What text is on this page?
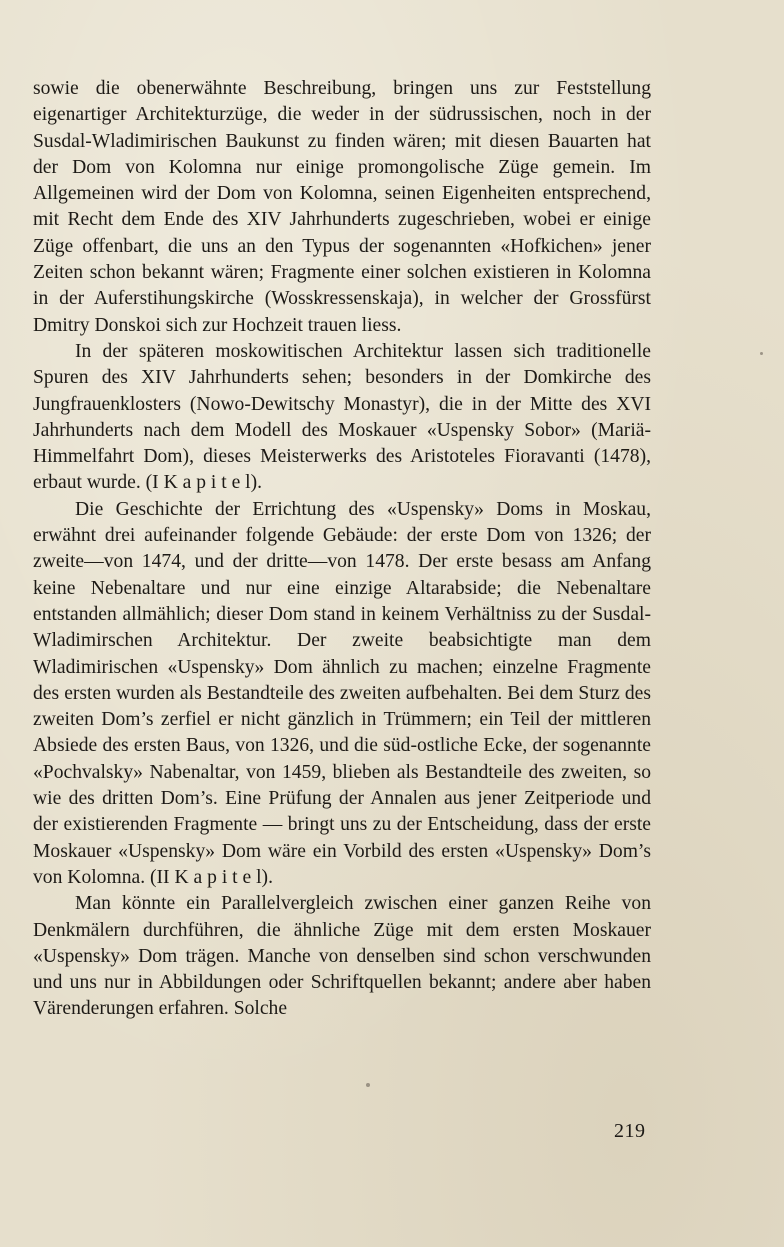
sowie die obenerwähnte Beschreibung, bringen uns zur Feststellung eigenartiger Architekturzüge, die weder in der südrussischen, noch in der Susdal-Wladimirischen Baukunst zu finden wären; mit diesen Bauarten hat der Dom von Kolomna nur einige promongolische Züge gemein. Im Allgemeinen wird der Dom von Kolomna, seinen Eigenheiten entsprechend, mit Recht dem Ende des XIV Jahrhunderts zugeschrieben, wobei er einige Züge offenbart, die uns an den Typus der sogenannten «Hofkichen» jener Zeiten schon bekannt wären; Fragmente einer solchen existieren in Kolomna in der Auferstihungskirche (Wosskressenskaja), in welcher der Grossfürst Dmitry Donskoi sich zur Hochzeit trauen liess.

In der späteren moskowitischen Architektur lassen sich traditionelle Spuren des XIV Jahrhunderts sehen; besonders in der Domkirche des Jungfrauenklosters (Nowo-Dewitschy Monastyr), die in der Mitte des XVI Jahrhunderts nach dem Modell des Moskauer «Uspensky Sobor» (Mariä-Himmelfahrt Dom), dieses Meisterwerks des Aristoteles Fioravanti (1478), erbaut wurde. (I K a p i t e l).

Die Geschichte der Errichtung des «Uspensky» Doms in Moskau, erwähnt drei aufeinander folgende Gebäude: der erste Dom von 1326; der zweite—von 1474, und der dritte—von 1478. Der erste besass am Anfang keine Nebenaltare und nur eine einzige Altarabside; die Nebenaltare entstanden allmählich; dieser Dom stand in keinem Verhältniss zu der Susdal-Wladimirschen Architektur. Der zweite beabsichtigte man dem Wladimirischen «Uspensky» Dom ähnlich zu machen; einzelne Fragmente des ersten wurden als Bestandteile des zweiten aufbehalten. Bei dem Sturz des zweiten Dom’s zerfiel er nicht gänzlich in Trümmern; ein Teil der mittleren Absiede des ersten Baus, von 1326, und die süd-ostliche Ecke, der sogenannte «Pochvalsky» Nabenaltar, von 1459, blieben als Bestandteile des zweiten, so wie des dritten Dom’s. Eine Prüfung der Annalen aus jener Zeitperiode und der existierenden Fragmente — bringt uns zu der Entscheidung, dass der erste Moskauer «Uspensky» Dom wäre ein Vorbild des ersten «Uspensky» Dom’s von Kolomna. (II K a p i t e l).

Man könnte ein Parallelvergleich zwischen einer ganzen Reihe von Denkmälern durchführen, die ähnliche Züge mit dem ersten Moskauer «Uspensky» Dom trägen. Manche von denselben sind schon verschwunden und uns nur in Abbildungen oder Schriftquellen bekannt; andere aber haben Värenderungen erfahren. Solche

219
